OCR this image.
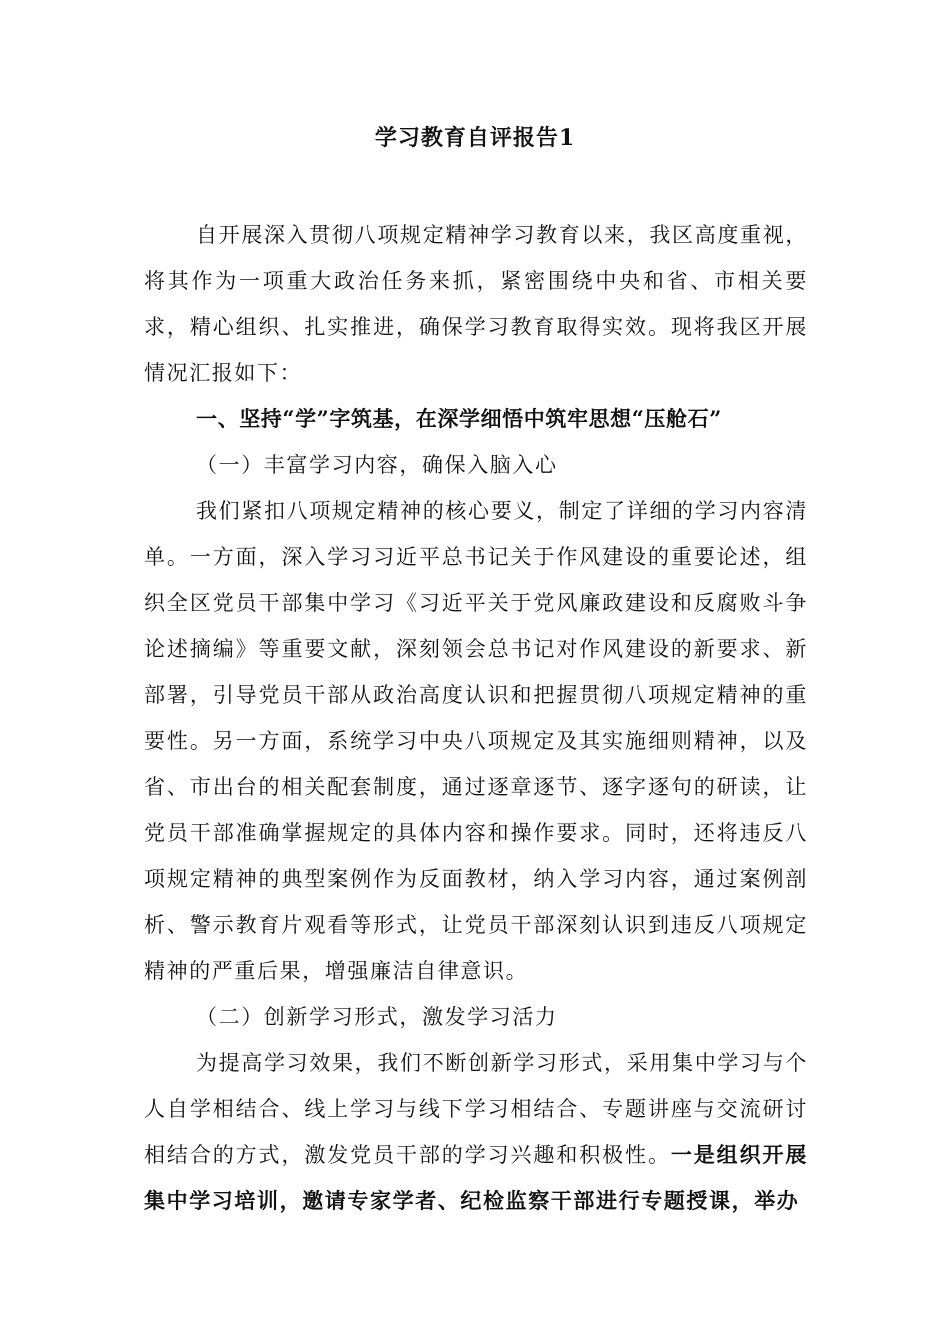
学习教育自评报告1

自开展深入贯彻八项规定精神学习教育以来，我区高度重视，将其作为一项重大政治任务来抓，紧密围绕中央和省、市相关要求，精心组织、扎实推进，确保学习教育取得实效。现将我区开展情况汇报如下：

一、坚持“学”字筑基，在深学细悟中筑牢思想“压舱石”

（一）丰富学习内容，确保入脑入心

我们紧扣八项规定精神的核心要义，制定了详细的学习内容清单。一方面，深入学习习近平总书记关于作风建设的重要论述，组织全区党员干部集中学习《习近平关于党风廉政建设和反腐败斗争论述摘编》等重要文献，深刻领会总书记对作风建设的新要求、新部署，引导党员干部从政治高度认识和把握贯彻八项规定精神的重要性。另一方面，系统学习中央八项规定及其实施细则精神，以及省、市出台的相关配套制度，通过逐章逐节、逐字逐句的研读，让党员干部准确掌握规定的具体内容和操作要求。同时，还将违反八项规定精神的典型案例作为反面教材，纳入学习内容，通过案例剖析、警示教育片观看等形式，让党员干部深刻认识到违反八项规定精神的严重后果，增强廉洁自律意识。

（二）创新学习形式，激发学习活力

为提高学习效果，我们不断创新学习形式，采用集中学习与个人自学相结合、线上学习与线下学习相结合、专题讲座与交流研讨相结合的方式，激发党员干部的学习兴趣和积极性。一是组织开展集中学习培训，邀请专家学者、纪检监察干部进行专题授课，举办
